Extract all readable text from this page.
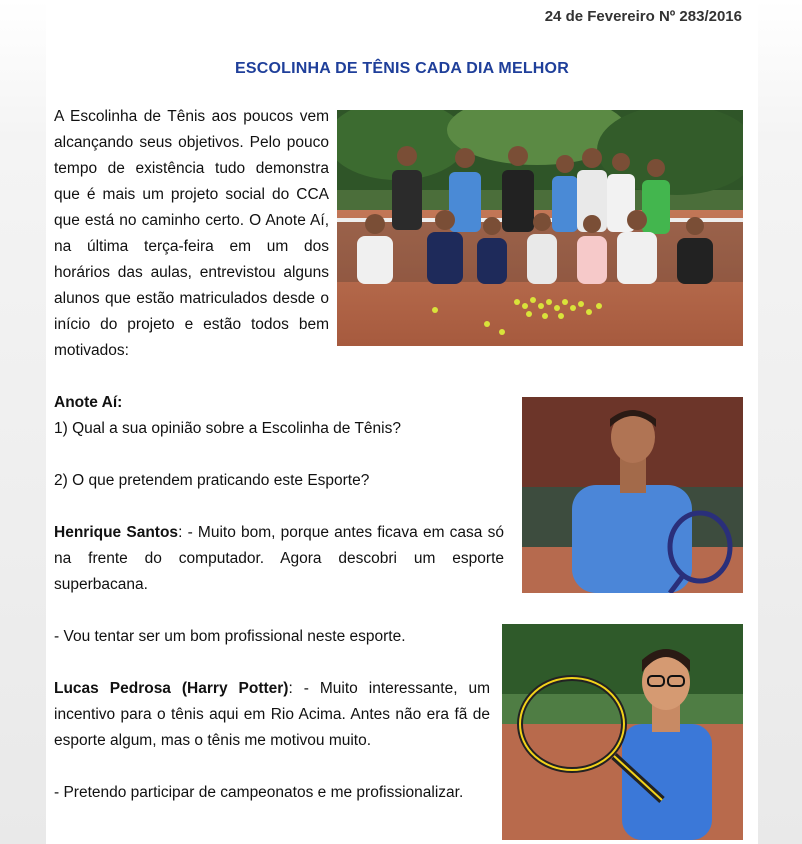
24 de Fevereiro Nº 283/2016
ESCOLINHA DE TÊNIS CADA DIA MELHOR
A Escolinha de Tênis aos poucos vem alcançando seus objetivos. Pelo pouco tempo de existência tudo demonstra que é mais um projeto social do CCA que está no caminho certo. O Anote Aí, na última terça-feira em um dos horários das aulas, entrevistou alguns alunos que estão matriculados desde o início do projeto e estão todos bem motivados:

Anote Aí:

1) Qual a sua opinião sobre a Escolinha de Tênis?

2) O que pretendem praticando este Esporte?

Henrique Santos: - Muito bom, porque antes ficava em casa só na frente do computador. Agora descobri um esporte superbacana.

- Vou tentar ser um bom profissional neste esporte.

Lucas Pedrosa (Harry Potter): - Muito interessante, um incentivo para o tênis aqui em Rio Acima. Antes não era fã de esporte algum, mas o tênis me motivou muito.

- Pretendo participar de campeonatos e me profissionalizar.
